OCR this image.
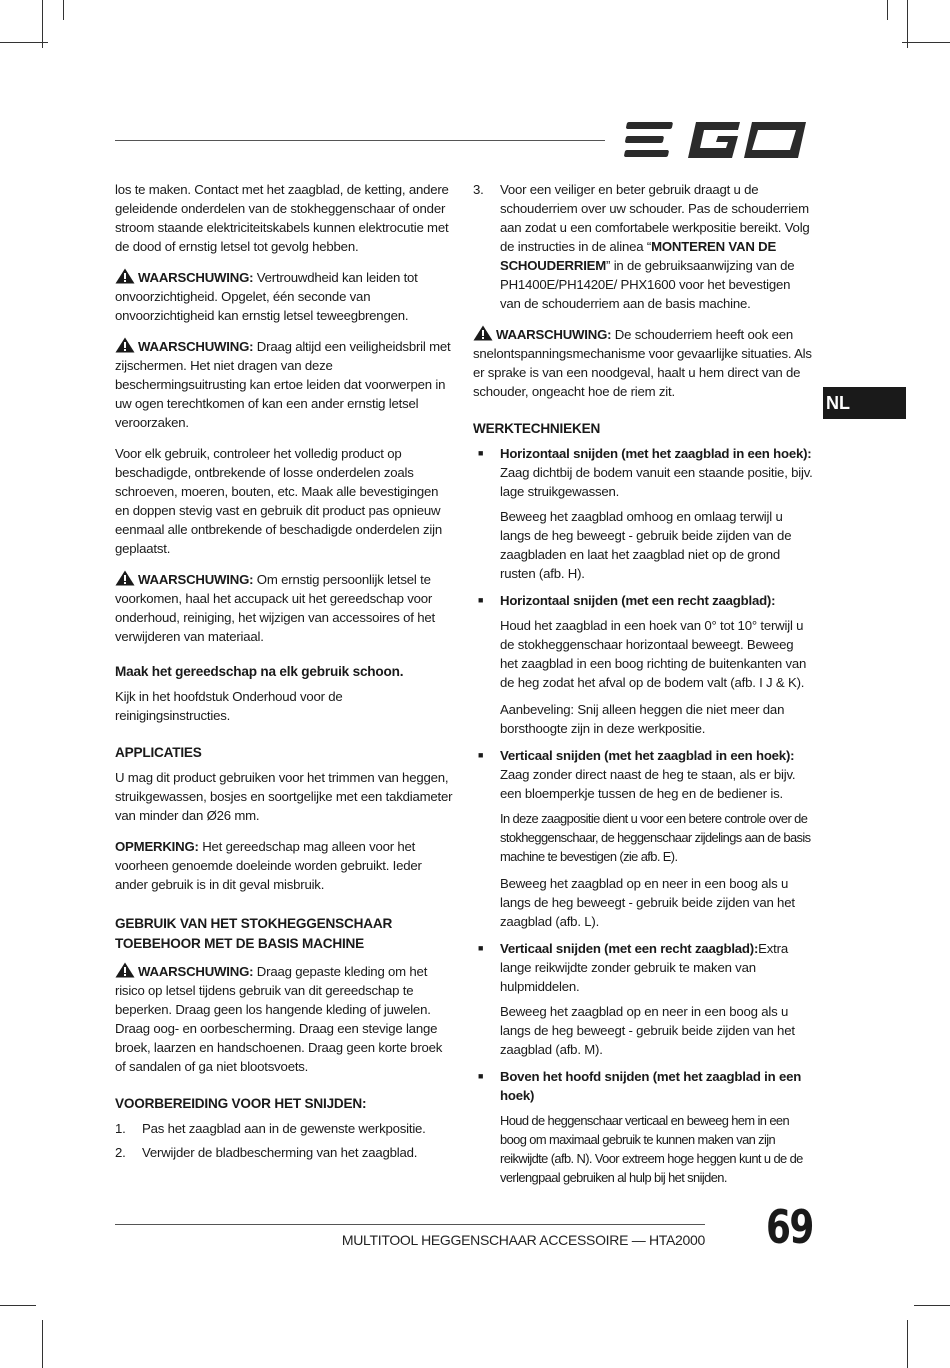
los te maken. Contact met het zaagblad, de ketting, andere geleidende onderdelen van de stokheggenschaar of onder stroom staande elektriciteitskabels kunnen elektrocutie met de dood of ernstig letsel tot gevolg hebben.

WAARSCHUWING: Vertrouwdheid kan leiden tot onvoorzichtigheid. Opgelet, één seconde van onvoorzichtigheid kan ernstig letsel teweegbrengen.

WAARSCHUWING: Draag altijd een veiligheidsbril met zijschermen. Het niet dragen van deze beschermingsuitrusting kan ertoe leiden dat voorwerpen in uw ogen terechtkomen of kan een ander ernstig letsel veroorzaken.

Voor elk gebruik, controleer het volledig product op beschadigde, ontbrekende of losse onderdelen zoals schroeven, moeren, bouten, etc. Maak alle bevestigingen en doppen stevig vast en gebruik dit product pas opnieuw eenmaal alle ontbrekende of beschadigde onderdelen zijn geplaatst.

WAARSCHUWING: Om ernstig persoonlijk letsel te voorkomen, haal het accupack uit het gereedschap voor onderhoud, reiniging, het wijzigen van accessoires of het verwijderen van materiaal.

Maak het gereedschap na elk gebruik schoon.

Kijk in het hoofdstuk Onderhoud voor de reinigingsinstructies.

APPLICATIES

U mag dit product gebruiken voor het trimmen van heggen, struikgewassen, bosjes en soortgelijke met een takdiameter van minder dan Ø26 mm.

OPMERKING: Het gereedschap mag alleen voor het voorheen genoemde doeleinde worden gebruikt. Ieder ander gebruik is in dit geval misbruik.

GEBRUIK VAN HET STOKHEGGENSCHAAR TOEBEHOOR MET DE BASIS MACHINE

WAARSCHUWING: Draag gepaste kleding om het risico op letsel tijdens gebruik van dit gereedschap te beperken. Draag geen los hangende kleding of juwelen. Draag oog- en oorbescherming. Draag een stevige lange broek, laarzen en handschoenen. Draag geen korte broek of sandalen of ga niet blootsvoets.

VOORBEREIDING VOOR HET SNIJDEN:

1.	Pas het zaagblad aan in de gewenste werkpositie.
2.	Verwijder de bladbescherming van het zaagblad.
3.	Voor een veiliger en beter gebruik draagt u de schouderriem over uw schouder. Pas de schouderriem aan zodat u een comfortabele werkpositie bereikt. Volg de instructies in de alinea “MONTEREN VAN DE SCHOUDERRIEM” in de gebruiksaanwijzing van de PH1400E/PH1420E/ PHX1600 voor het bevestigen van de schouderriem aan de basis machine.

WAARSCHUWING: De schouderriem heeft ook een snelontspanningsmechanisme voor gevaarlijke situaties. Als er sprake is van een noodgeval, haalt u hem direct van de schouder, ongeacht hoe de riem zit.

WERKTECHNIEKEN

■	Horizontaal snijden (met het zaagblad in een hoek): Zaag dichtbij de bodem vanuit een staande positie, bijv. lage struikgewassen.

Beweeg het zaagblad omhoog en omlaag terwijl u langs de heg beweegt - gebruik beide zijden van de zaagbladen en laat het zaagblad niet op de grond rusten (afb. H).

■	Horizontaal snijden (met een recht zaagblad):

Houd het zaagblad in een hoek van 0° tot 10° terwijl u de stokheggenschaar horizontaal beweegt. Beweeg het zaagblad in een boog richting de buitenkanten van de heg zodat het afval op de bodem valt (afb. I J & K).

Aanbeveling: Snij alleen heggen die niet meer dan borsthoogte zijn in deze werkpositie.

■	Verticaal snijden (met het zaagblad in een hoek): Zaag zonder direct naast de heg te staan, als er bijv. een bloemperkje tussen de heg en de bediener is.

In deze zaagpositie dient u voor een betere controle over de stokheggenschaar, de heggenschaar zijdelings aan de basis machine te bevestigen (zie afb. E).

Beweeg het zaagblad op en neer in een boog als u langs de heg beweegt - gebruik beide zijden van het zaagblad (afb. L).

■	Verticaal snijden (met een recht zaagblad):Extra lange reikwijdte zonder gebruik te maken van hulpmiddelen.

Beweeg het zaagblad op en neer in een boog als u langs de heg beweegt - gebruik beide zijden van het zaagblad (afb. M).

■	Boven het hoofd snijden (met het zaagblad in een hoek)

Houd de heggenschaar verticaal en beweeg hem in een boog om maximaal gebruik te kunnen maken van zijn reikwijdte (afb. N). Voor extreem hoge heggen kunt u de de verlengpaal gebruiken al hulp bij het snijden.

NL
MULTITOOL HEGGENSCHAAR ACCESSOIRE — HTA2000 69
